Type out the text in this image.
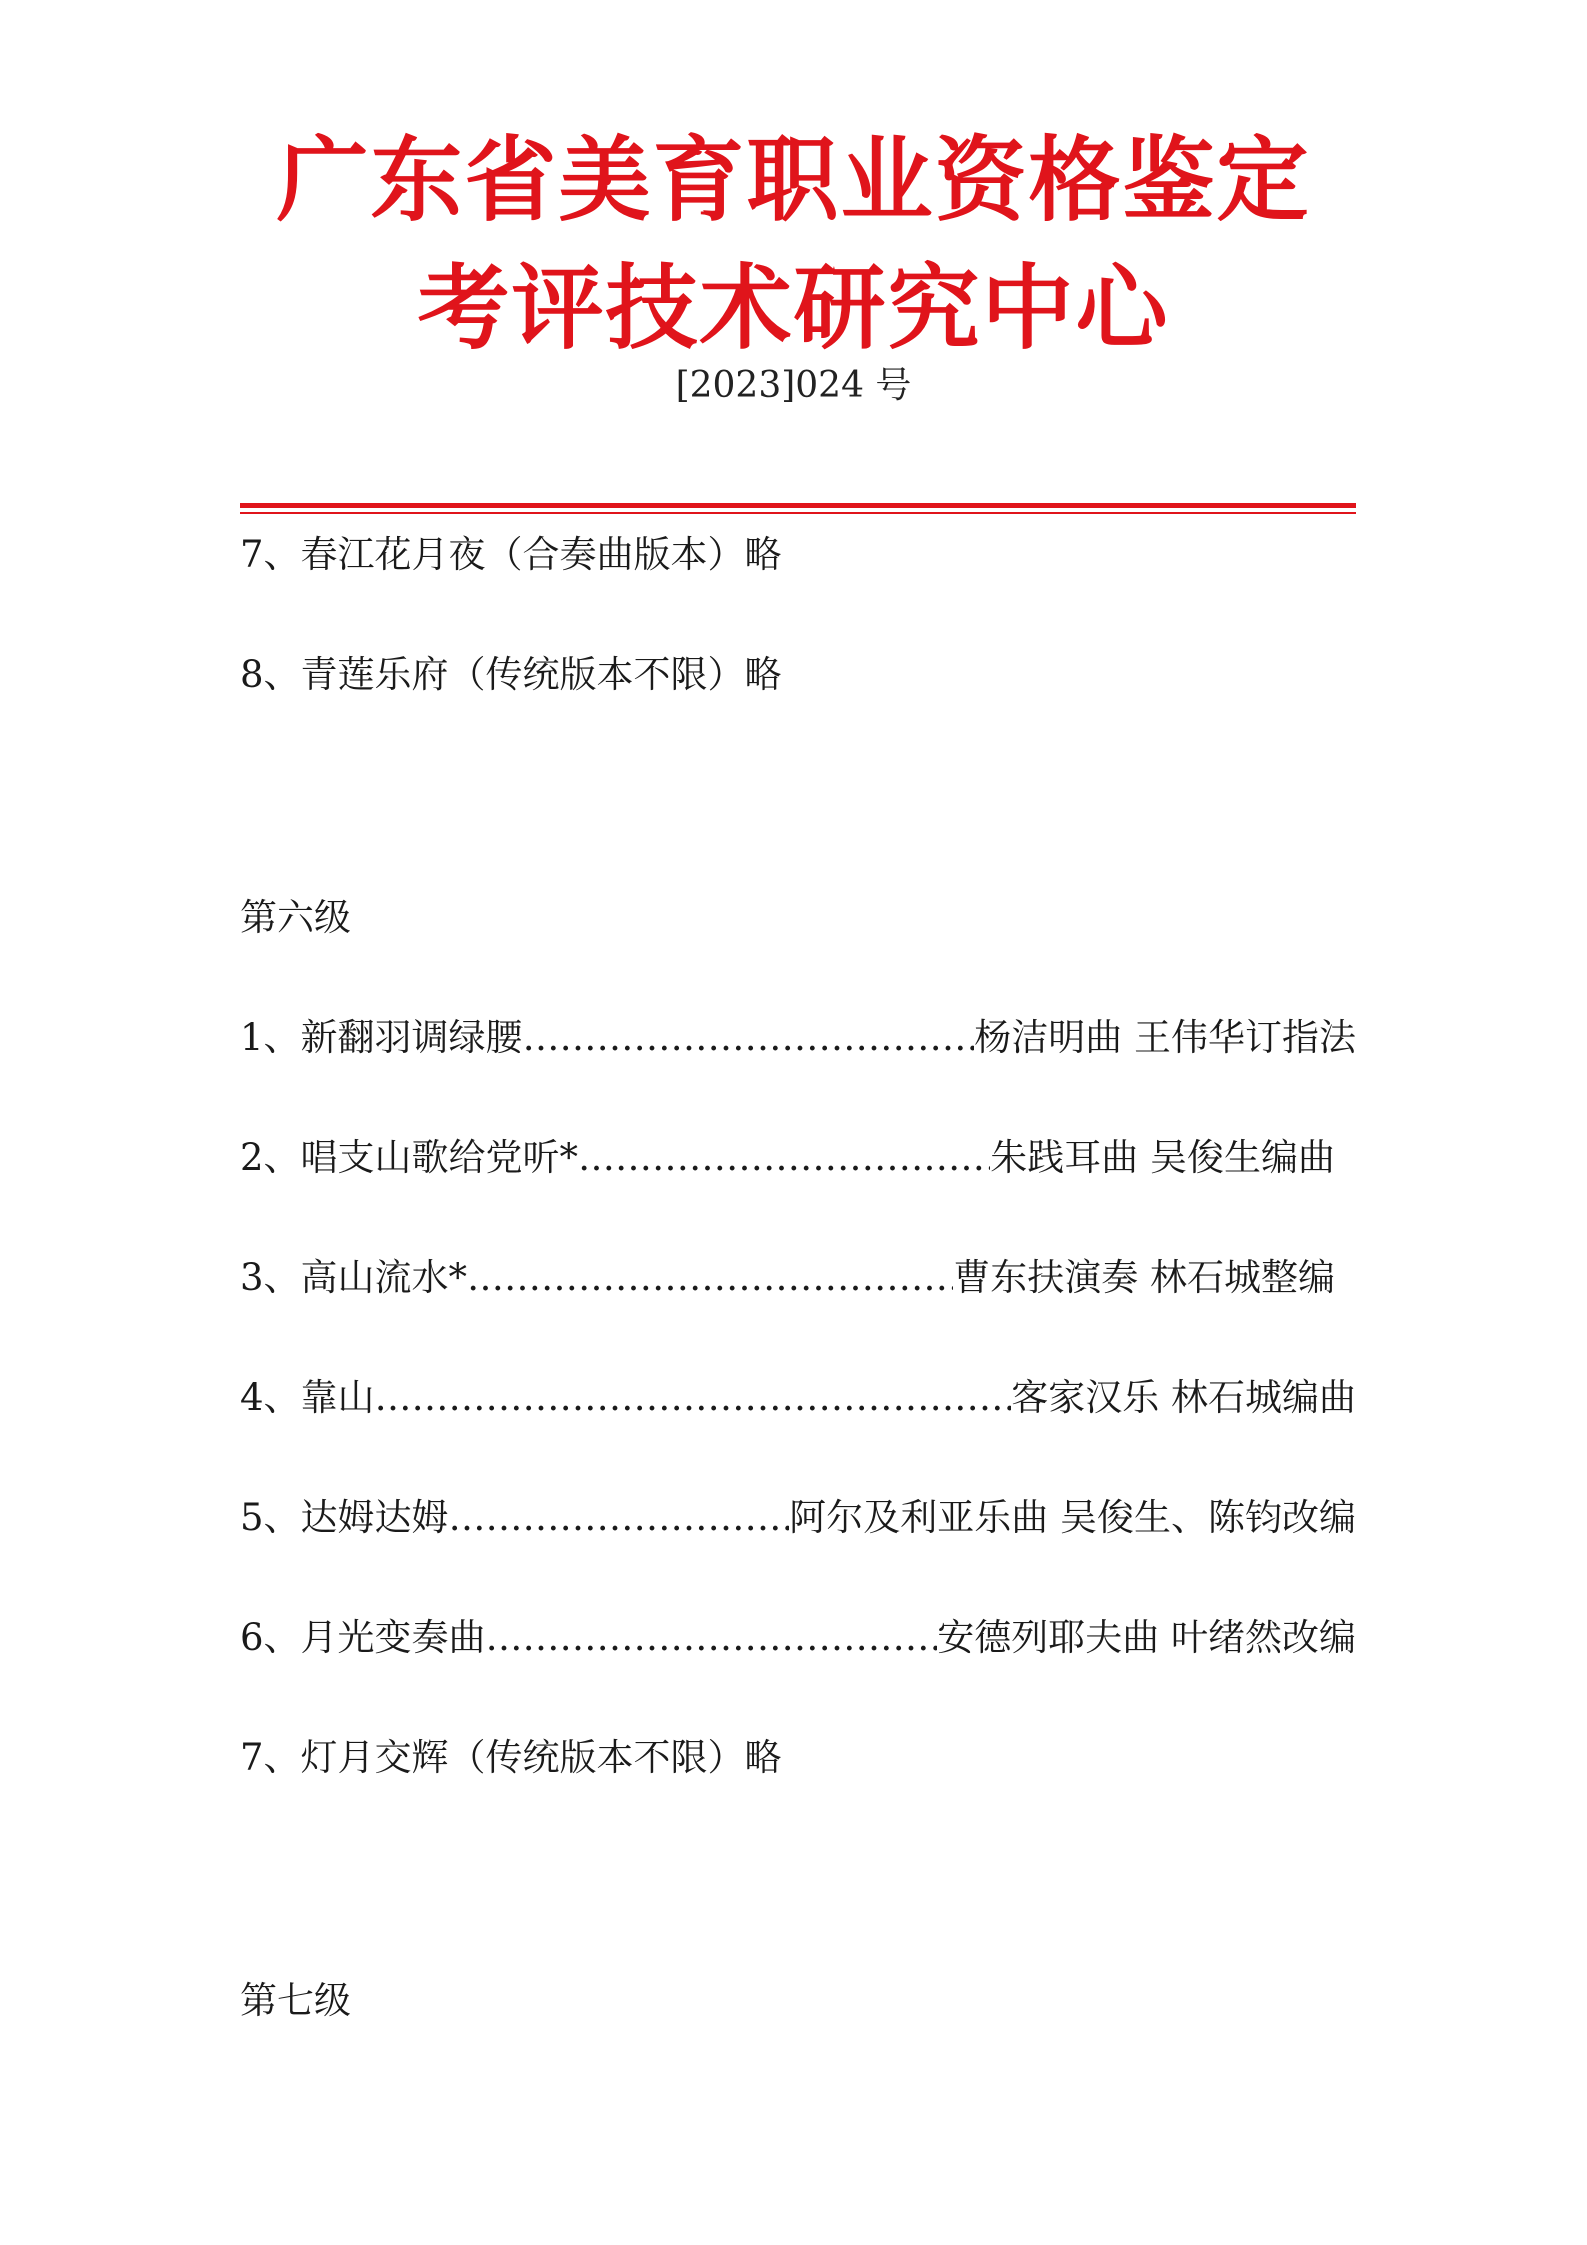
广东省美育职业资格鉴定
考评技术研究中心
[2023]024 号
7、春江花月夜（合奏曲版本）略
8、青莲乐府（传统版本不限）略
第六级
1、新翻羽调绿腰 ………………………………………………………………………………………………………………………………………………	杨洁明曲 王伟华订指法
2、唱支山歌给党听* ………………………………………………………………………………………………………………………………………………	朱践耳曲 吴俊生编曲
3、高山流水* ………………………………………………………………………………………………………………………………………………	曹东扶演奏 林石城整编
4、靠山 ………………………………………………………………………………………………………………………………………………	客家汉乐 林石城编曲
5、达姆达姆 ………………………………………………………………………………………………………………………………………………	阿尔及利亚乐曲 吴俊生、陈钧改编
6、月光变奏曲 ………………………………………………………………………………………………………………………………………………	安德列耶夫曲 叶绪然改编
7、灯月交辉（传统版本不限）略
第七级
